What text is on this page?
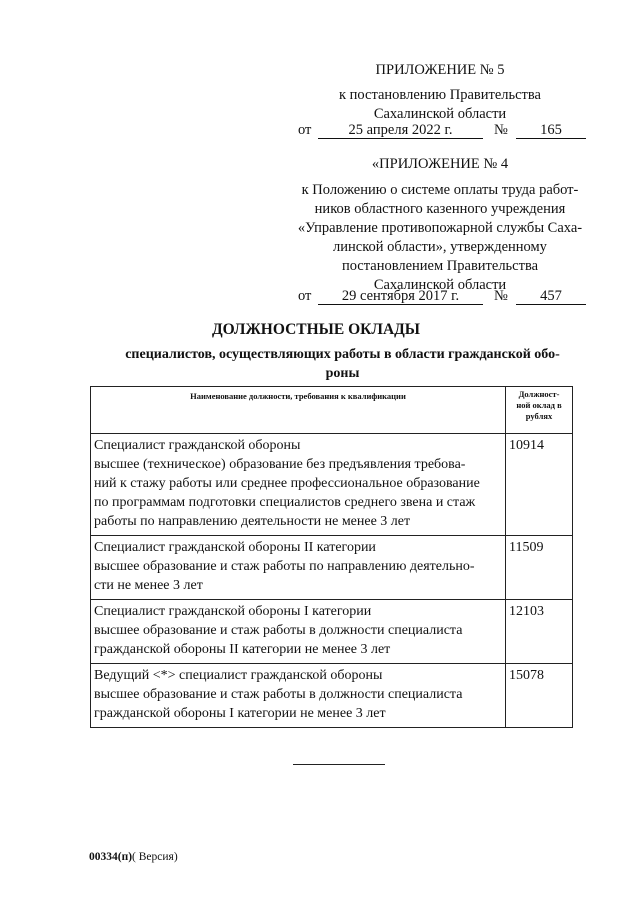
ПРИЛОЖЕНИЕ № 5
к постановлению Правительства
Сахалинской области
от	25 апреля 2022 г.	№	165
«ПРИЛОЖЕНИЕ № 4
к Положению о системе оплаты труда работ-
ников областного казенного учреждения
«Управление противопожарной службы Саха-
линской области», утвержденному
постановлением Правительства
Сахалинской области
от	29 сентября 2017 г.	№	457
ДОЛЖНОСТНЫЕ ОКЛАДЫ
специалистов, осуществляющих работы в области гражданской обо-
роны
Наименование должности, требования к квалификации	Должност-
ной оклад в
рублях

Специалист гражданской обороны
высшее (техническое) образование без предъявления требова-
ний к стажу работы или среднее профессиональное образование
по программам подготовки специалистов среднего звена и стаж
работы по направлению деятельности не менее 3 лет	10914

Специалист гражданской обороны II категории
высшее образование и стаж работы по направлению деятельно-
сти не менее 3 лет	11509

Специалист гражданской обороны I категории
высшее образование и стаж работы в должности специалиста
гражданской обороны II категории не менее 3 лет	12103

Ведущий <*> специалист гражданской обороны
высшее образование и стаж работы в должности специалиста
гражданской обороны I категории не менее 3 лет	15078
00334(п)( Версия)
